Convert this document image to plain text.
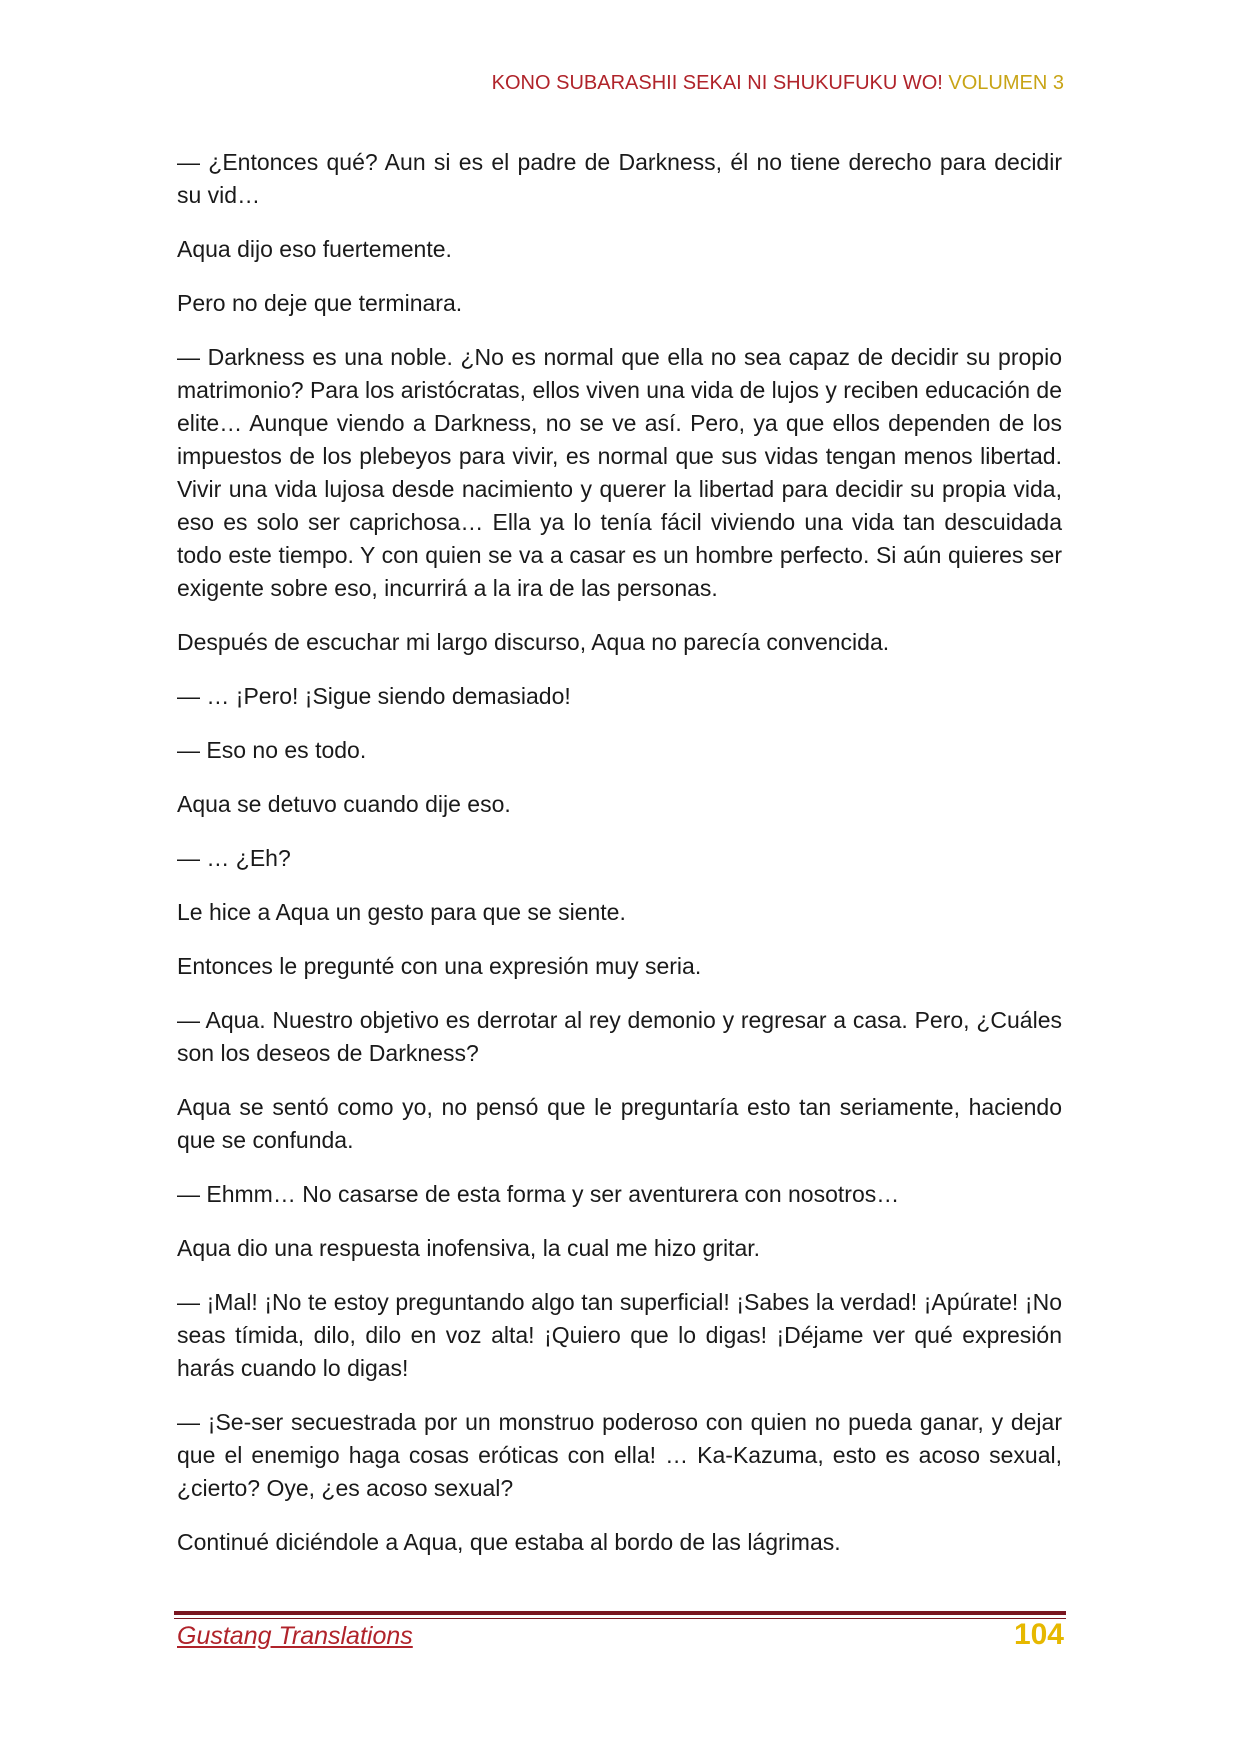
KONO SUBARASHII SEKAI NI SHUKUFUKU WO! VOLUMEN 3

— ¿Entonces qué? Aun si es el padre de Darkness, él no tiene derecho para decidir su vid…

Aqua dijo eso fuertemente.

Pero no deje que terminara.

— Darkness es una noble. ¿No es normal que ella no sea capaz de decidir su propio matrimonio? Para los aristócratas, ellos viven una vida de lujos y reciben educación de elite… Aunque viendo a Darkness, no se ve así. Pero, ya que ellos dependen de los impuestos de los plebeyos para vivir, es normal que sus vidas tengan menos libertad. Vivir una vida lujosa desde nacimiento y querer la libertad para decidir su propia vida, eso es solo ser caprichosa… Ella ya lo tenía fácil viviendo una vida tan descuidada todo este tiempo. Y con quien se va a casar es un hombre perfecto. Si aún quieres ser exigente sobre eso, incurrirá a la ira de las personas.

Después de escuchar mi largo discurso, Aqua no parecía convencida.

— … ¡Pero! ¡Sigue siendo demasiado!

— Eso no es todo.

Aqua se detuvo cuando dije eso.

— … ¿Eh?

Le hice a Aqua un gesto para que se siente.

Entonces le pregunté con una expresión muy seria.

— Aqua. Nuestro objetivo es derrotar al rey demonio y regresar a casa. Pero, ¿Cuáles son los deseos de Darkness?

Aqua se sentó como yo, no pensó que le preguntaría esto tan seriamente, haciendo que se confunda.

— Ehmm… No casarse de esta forma y ser aventurera con nosotros…

Aqua dio una respuesta inofensiva, la cual me hizo gritar.

— ¡Mal! ¡No te estoy preguntando algo tan superficial! ¡Sabes la verdad! ¡Apúrate! ¡No seas tímida, dilo, dilo en voz alta! ¡Quiero que lo digas! ¡Déjame ver qué expresión harás cuando lo digas!

— ¡Se-ser secuestrada por un monstruo poderoso con quien no pueda ganar, y dejar que el enemigo haga cosas eróticas con ella! … Ka-Kazuma, esto es acoso sexual, ¿cierto? Oye, ¿es acoso sexual?

Continué diciéndole a Aqua, que estaba al bordo de las lágrimas.

Gustang Translations	104
